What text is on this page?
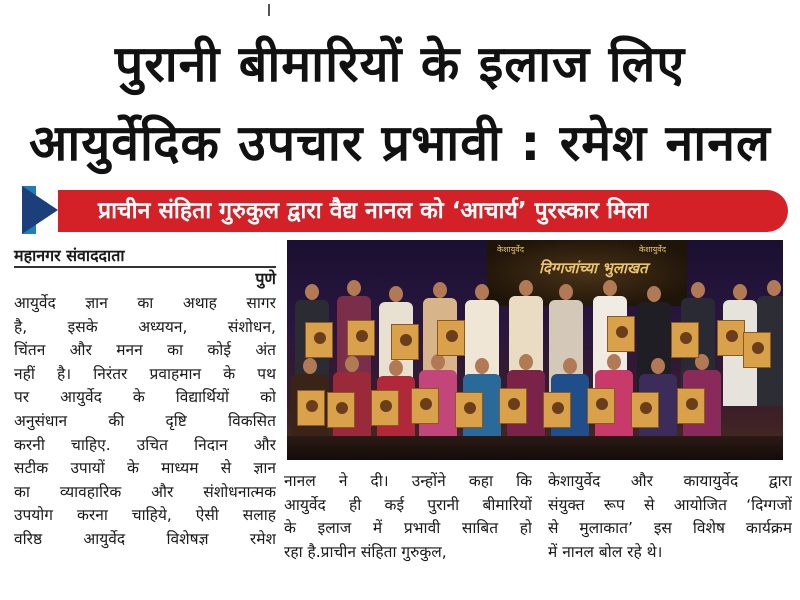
पुरानी बीमारियों के इलाज लिए
आयुर्वेदिक उपचार प्रभावी : रमेश नानल
प्राचीन संहिता गुरुकुल द्वारा वैद्य नानल को ‘आचार्य’ पुरस्कार मिला
महानगर संवाददाता
पुणे
आयुर्वेद ज्ञान का अथाह सागर
है, इसके अध्ययन, संशोधन,
चिंतन और मनन का कोई अंत
नहीं है। निरंतर प्रवाहमान के पथ
पर आयुर्वेद के विद्यार्थियों को
अनुसंधान की दृष्टि विकसित
करनी चाहिए. उचित निदान और
सटीक उपायों के माध्यम से ज्ञान
का व्यावहारिक और संशोधनात्मक
उपयोग करना चाहिये, ऐसी सलाह
वरिष्ठ आयुर्वेद विशेषज्ञ रमेश
केशायुर्वेद	केशायुर्वेद
दिग्गजांच्या भुलाखत
नानल ने दी। उन्होंने कहा कि
आयुर्वेद ही कई पुरानी बीमारियों
के इलाज में प्रभावी साबित हो
रहा है.प्राचीन संहिता गुरुकुल,
केशायुर्वेद और कायायुर्वेद द्वारा
संयुक्त रूप से आयोजित ‘दिग्गजों
से मुलाकात’ इस विशेष कार्यक्रम
में नानल बोल रहे थे।
